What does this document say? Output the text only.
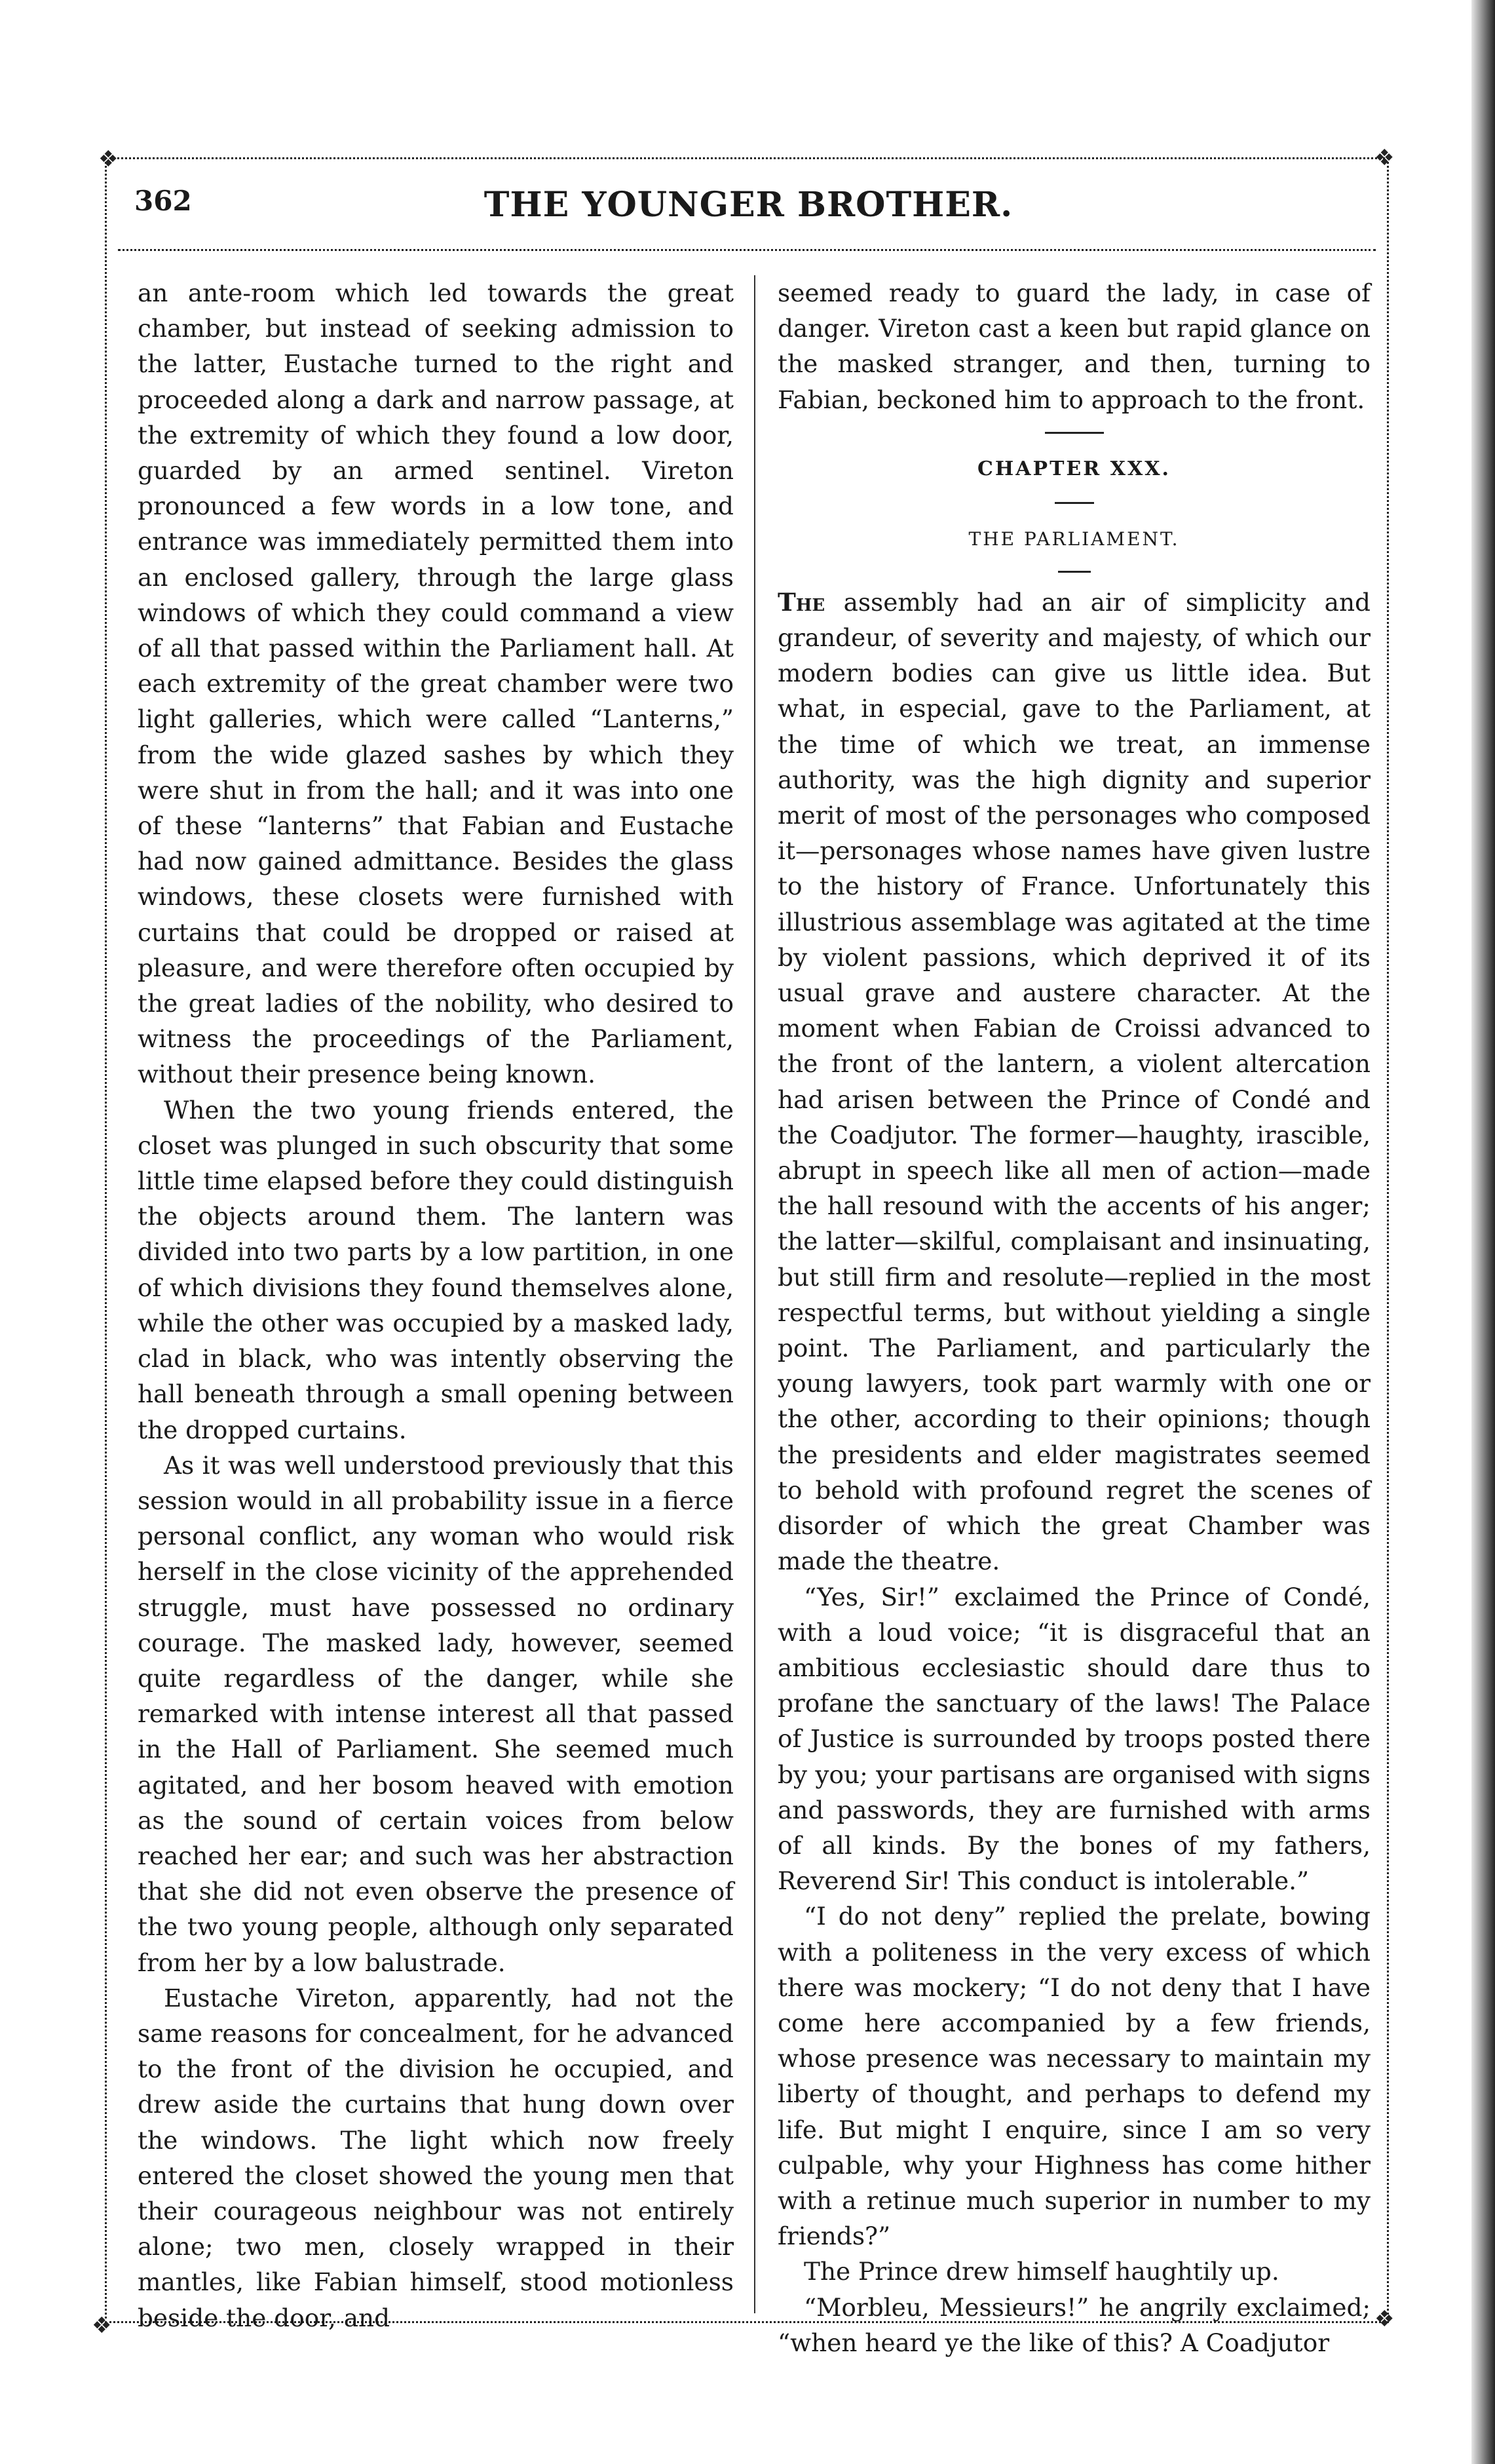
❖	❖
❖	❖
362	THE YOUNGER BROTHER.

an ante-room which led towards the great chamber, but instead of seeking admission to the latter, Eustache turned to the right and proceeded along a dark and narrow passage, at the extremity of which they found a low door, guarded by an armed sentinel. Vireton pronounced a few words in a low tone, and entrance was immediately permitted them into an enclosed gallery, through the large glass windows of which they could command a view of all that passed within the Parliament hall. At each extremity of the great chamber were two light galleries, which were called “Lanterns,” from the wide glazed sashes by which they were shut in from the hall; and it was into one of these “lanterns” that Fabian and Eustache had now gained admittance. Besides the glass windows, these closets were furnished with curtains that could be dropped or raised at pleasure, and were therefore often occupied by the great ladies of the nobility, who desired to witness the proceedings of the Parliament, without their presence being known.

When the two young friends entered, the closet was plunged in such obscurity that some little time elapsed before they could distinguish the objects around them. The lantern was divided into two parts by a low partition, in one of which divisions they found themselves alone, while the other was occupied by a masked lady, clad in black, who was intently observing the hall beneath through a small opening between the dropped curtains.

As it was well understood previously that this session would in all probability issue in a fierce personal conflict, any woman who would risk herself in the close vicinity of the apprehended struggle, must have possessed no ordinary courage. The masked lady, however, seemed quite regardless of the danger, while she remarked with intense interest all that passed in the Hall of Parliament. She seemed much agitated, and her bosom heaved with emotion as the sound of certain voices from below reached her ear; and such was her abstraction that she did not even observe the presence of the two young people, although only separated from her by a low balustrade.

Eustache Vireton, apparently, had not the same reasons for concealment, for he advanced to the front of the division he occupied, and drew aside the curtains that hung down over the windows. The light which now freely entered the closet showed the young men that their courageous neighbour was not entirely alone; two men, closely wrapped in their mantles, like Fabian himself, stood motionless beside the door, and

seemed ready to guard the lady, in case of danger. Vireton cast a keen but rapid glance on the masked stranger, and then, turning to Fabian, beckoned him to approach to the front.

CHAPTER XXX.
THE PARLIAMENT.

The assembly had an air of simplicity and grandeur, of severity and majesty, of which our modern bodies can give us little idea. But what, in especial, gave to the Parliament, at the time of which we treat, an immense authority, was the high dignity and superior merit of most of the personages who composed it—personages whose names have given lustre to the history of France. Unfortunately this illustrious assemblage was agitated at the time by violent passions, which deprived it of its usual grave and austere character. At the moment when Fabian de Croissi advanced to the front of the lantern, a violent altercation had arisen between the Prince of Condé and the Coadjutor. The former—haughty, irascible, abrupt in speech like all men of action—made the hall resound with the accents of his anger; the latter—skilful, complaisant and insinuating, but still firm and resolute—replied in the most respectful terms, but without yielding a single point. The Parliament, and particularly the young lawyers, took part warmly with one or the other, according to their opinions; though the presidents and elder magistrates seemed to behold with profound regret the scenes of disorder of which the great Chamber was made the theatre.

“Yes, Sir!” exclaimed the Prince of Condé, with a loud voice; “it is disgraceful that an ambitious ecclesiastic should dare thus to profane the sanctuary of the laws! The Palace of Justice is surrounded by troops posted there by you; your partisans are organised with signs and passwords, they are furnished with arms of all kinds. By the bones of my fathers, Reverend Sir! This conduct is intolerable.”

“I do not deny” replied the prelate, bowing with a politeness in the very excess of which there was mockery; “I do not deny that I have come here accompanied by a few friends, whose presence was necessary to maintain my liberty of thought, and perhaps to defend my life. But might I enquire, since I am so very culpable, why your Highness has come hither with a retinue much superior in number to my friends?”

The Prince drew himself haughtily up.

“Morbleu, Messieurs!” he angrily exclaimed; “when heard ye the like of this? A Coadjutor
